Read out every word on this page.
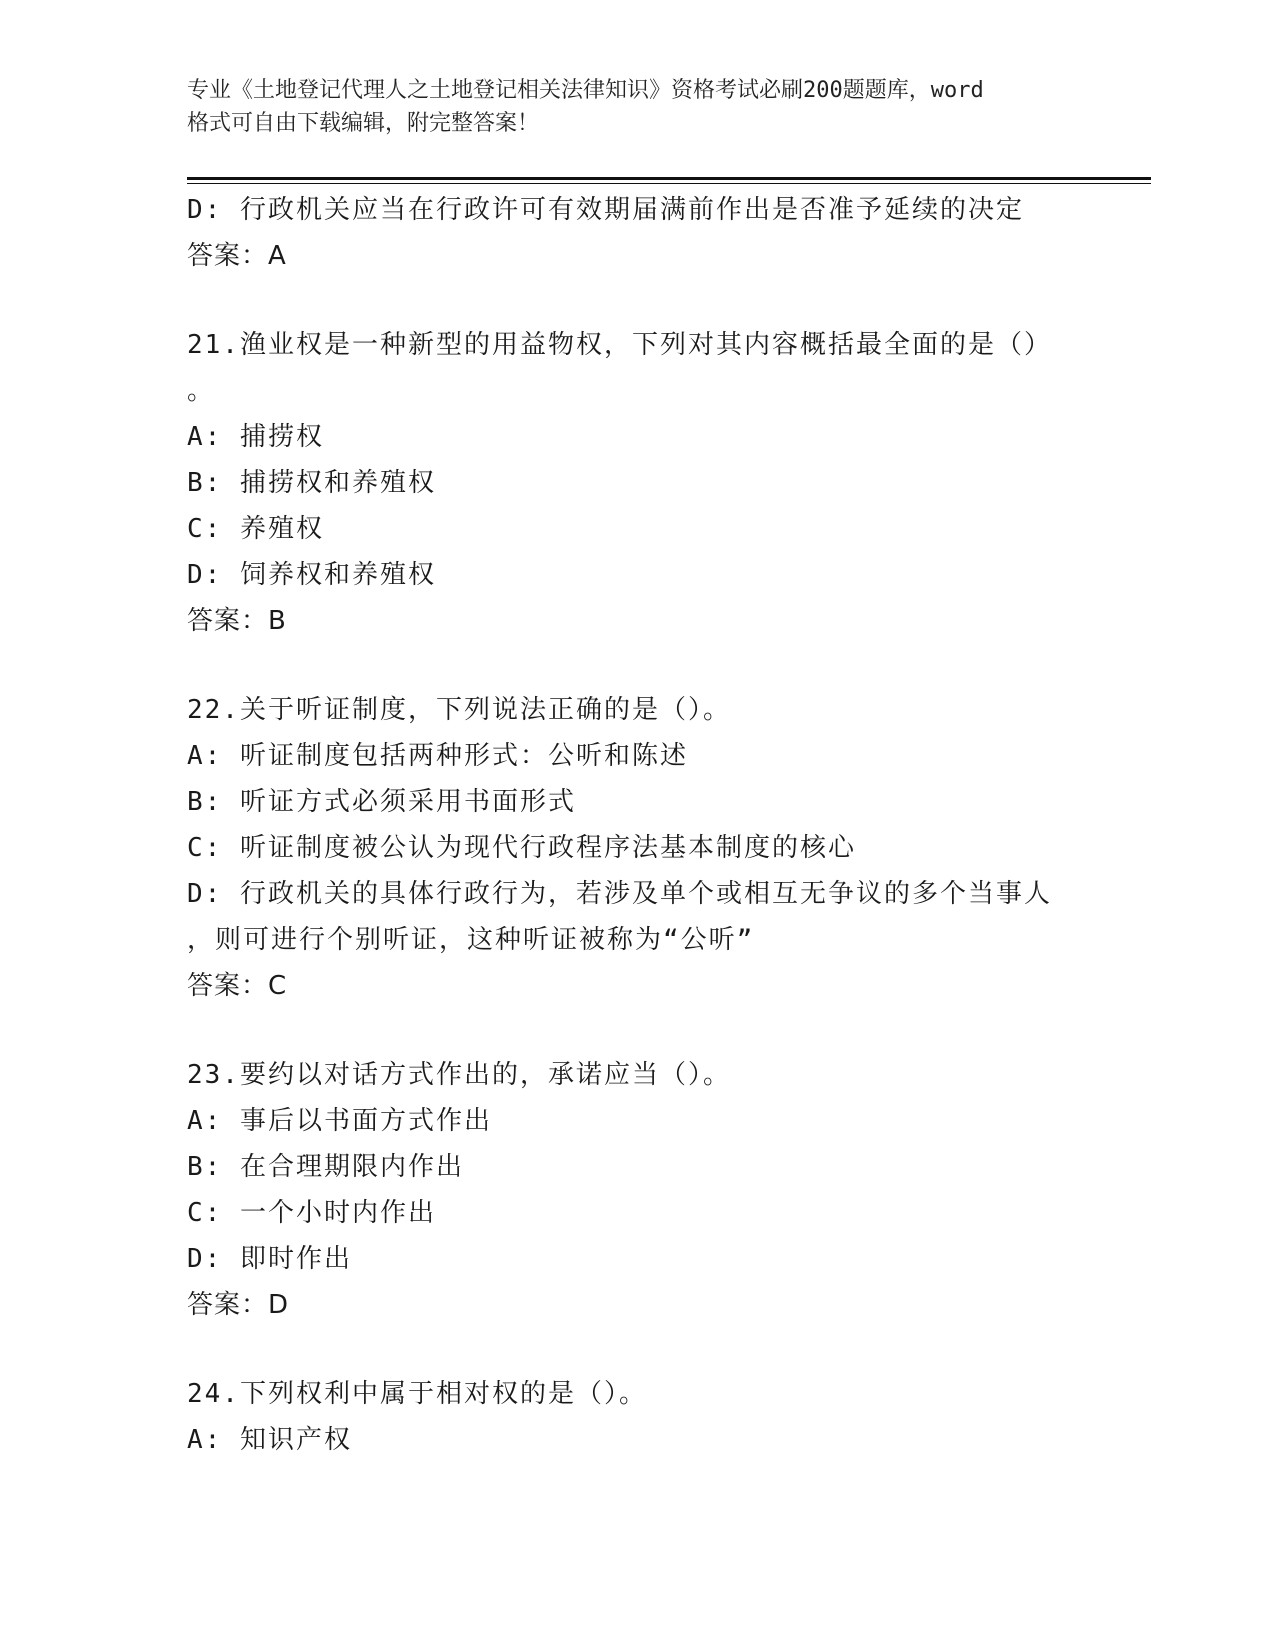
专业《土地登记代理人之土地登记相关法律知识》资格考试必刷200题题库，word
格式可自由下载编辑，附完整答案！
D: 行政机关应当在行政许可有效期届满前作出是否准予延续的决定
答案：A
21.渔业权是一种新型的用益物权，下列对其内容概括最全面的是（）
。
A: 捕捞权
B: 捕捞权和养殖权
C: 养殖权
D: 饲养权和养殖权
答案：B
22.关于听证制度，下列说法正确的是（）。
A: 听证制度包括两种形式：公听和陈述
B: 听证方式必须采用书面形式
C: 听证制度被公认为现代行政程序法基本制度的核心
D: 行政机关的具体行政行为，若涉及单个或相互无争议的多个当事人
，则可进行个别听证，这种听证被称为“公听”
答案：C
23.要约以对话方式作出的，承诺应当（）。
A: 事后以书面方式作出
B: 在合理期限内作出
C: 一个小时内作出
D: 即时作出
答案：D
24.下列权利中属于相对权的是（）。
A: 知识产权
